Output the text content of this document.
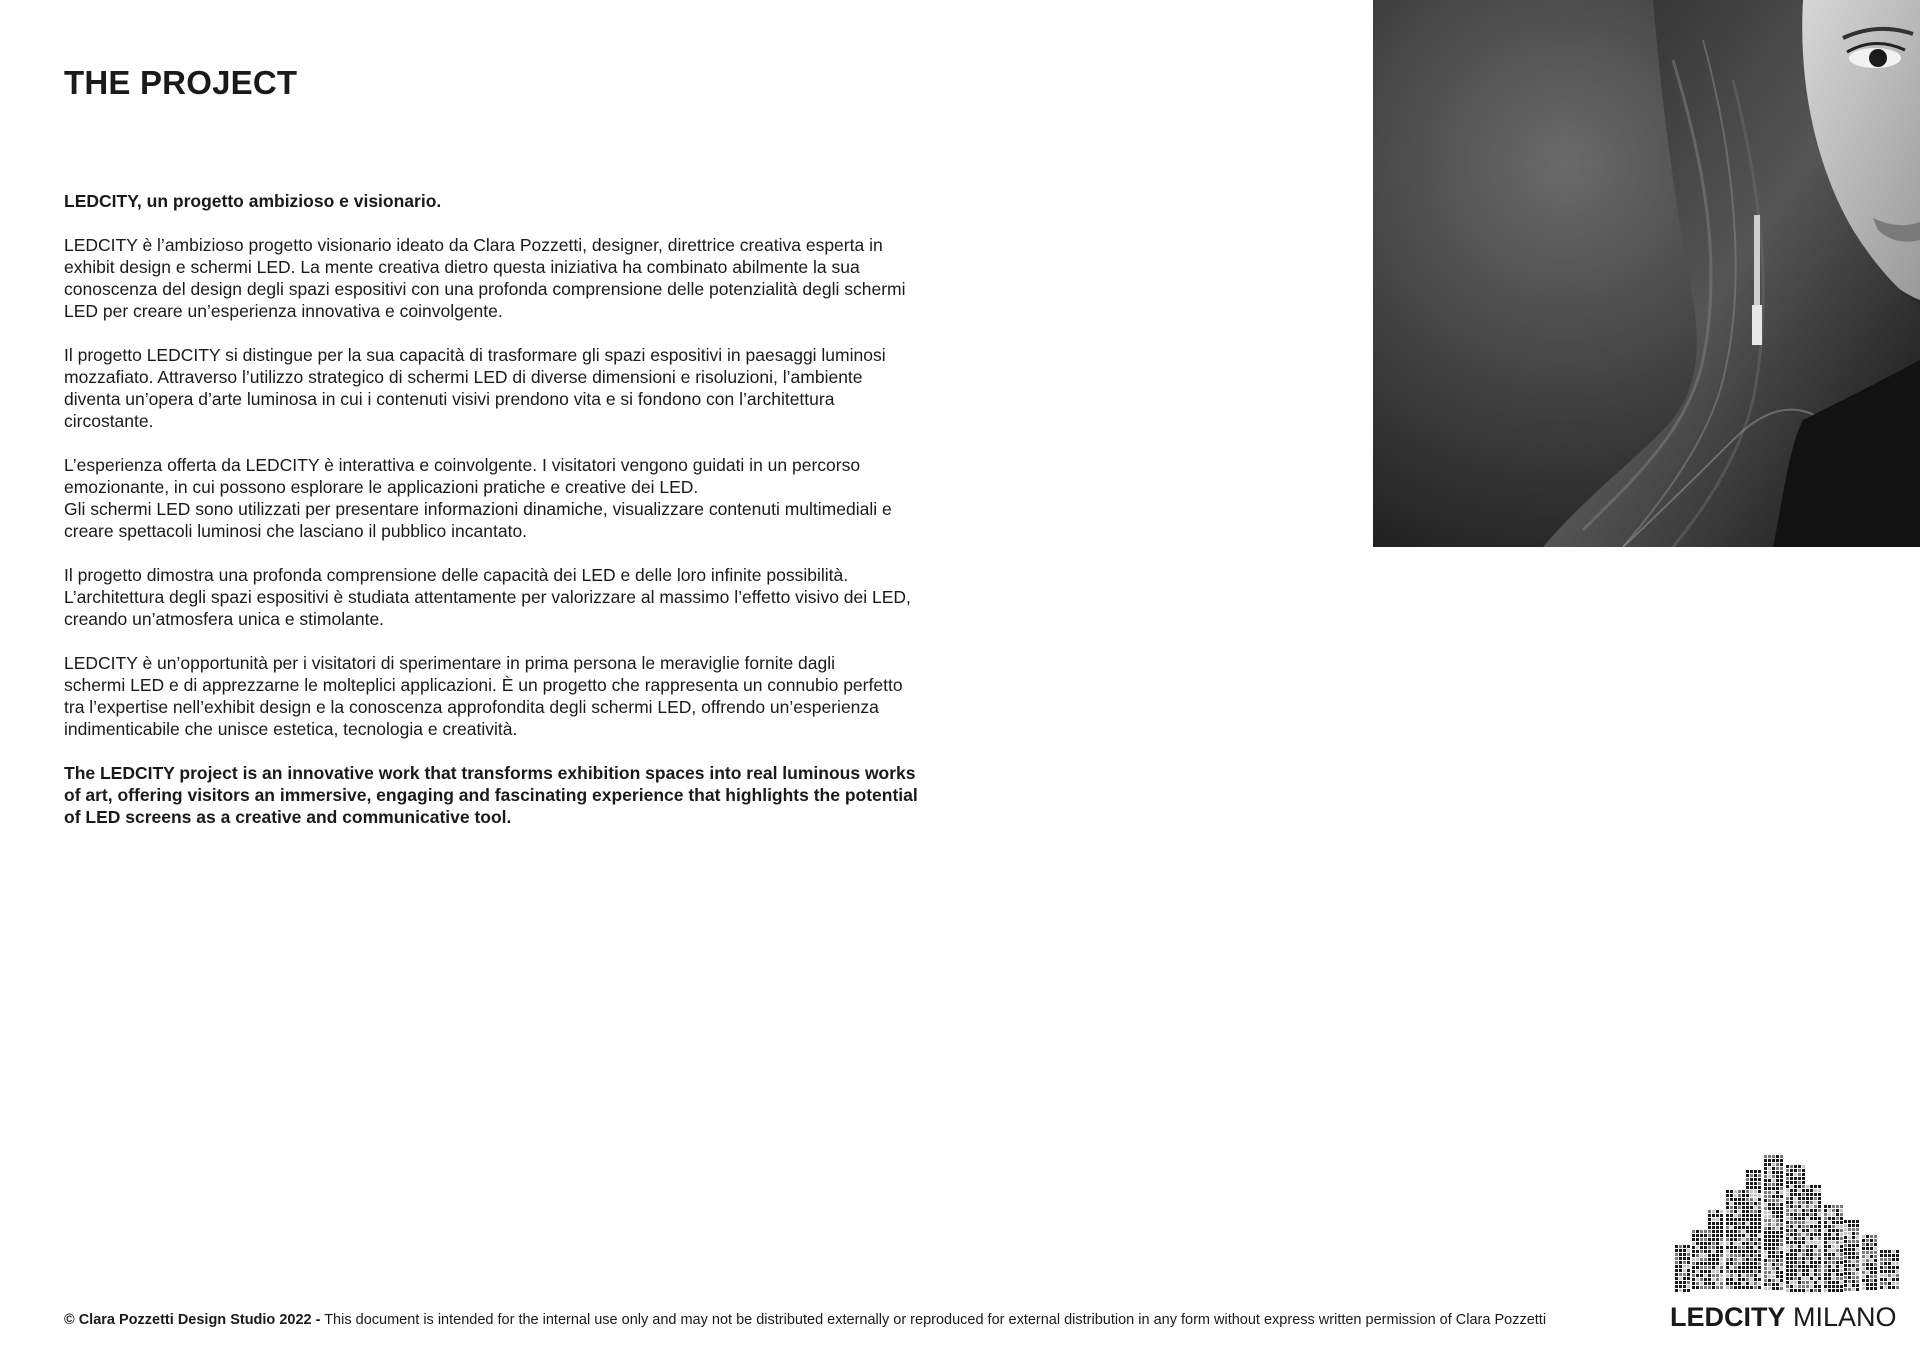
THE PROJECT

LEDCITY, un progetto ambizioso e visionario.

LEDCITY è l’ambizioso progetto visionario ideato da Clara Pozzetti, designer, direttrice creativa esperta in
exhibit design e schermi LED. La mente creativa dietro questa iniziativa ha combinato abilmente la sua
conoscenza del design degli spazi espositivi con una profonda comprensione delle potenzialità degli schermi
LED per creare un’esperienza innovativa e coinvolgente.

Il progetto LEDCITY si distingue per la sua capacità di trasformare gli spazi espositivi in paesaggi luminosi
mozzafiato. Attraverso l’utilizzo strategico di schermi LED di diverse dimensioni e risoluzioni, l’ambiente
diventa un’opera d’arte luminosa in cui i contenuti visivi prendono vita e si fondono con l’architettura
circostante.

L’esperienza offerta da LEDCITY è interattiva e coinvolgente. I visitatori vengono guidati in un percorso
emozionante, in cui possono esplorare le applicazioni pratiche e creative dei LED.
Gli schermi LED sono utilizzati per presentare informazioni dinamiche, visualizzare contenuti multimediali e
creare spettacoli luminosi che lasciano il pubblico incantato.

Il progetto dimostra una profonda comprensione delle capacità dei LED e delle loro infinite possibilità.
L’architettura degli spazi espositivi è studiata attentamente per valorizzare al massimo l’effetto visivo dei LED,
creando un’atmosfera unica e stimolante.

LEDCITY è un’opportunità per i visitatori di sperimentare in prima persona le meraviglie fornite dagli
schermi LED e di apprezzarne le molteplici applicazioni. È un progetto che rappresenta un connubio perfetto
tra l’expertise nell’exhibit design e la conoscenza approfondita degli schermi LED, offrendo un’esperienza
indimenticabile che unisce estetica, tecnologia e creatività.

The LEDCITY project is an innovative work that transforms exhibition spaces into real luminous works
of art, offering visitors an immersive, engaging and fascinating experience that highlights the potential
of LED screens as a creative and communicative tool.

© Clara Pozzetti Design Studio 2022 - This document is intended for the internal use only and may not be distributed externally or reproduced for external distribution in any form without express written permission of Clara Pozzetti	LEDCITY MILANO
